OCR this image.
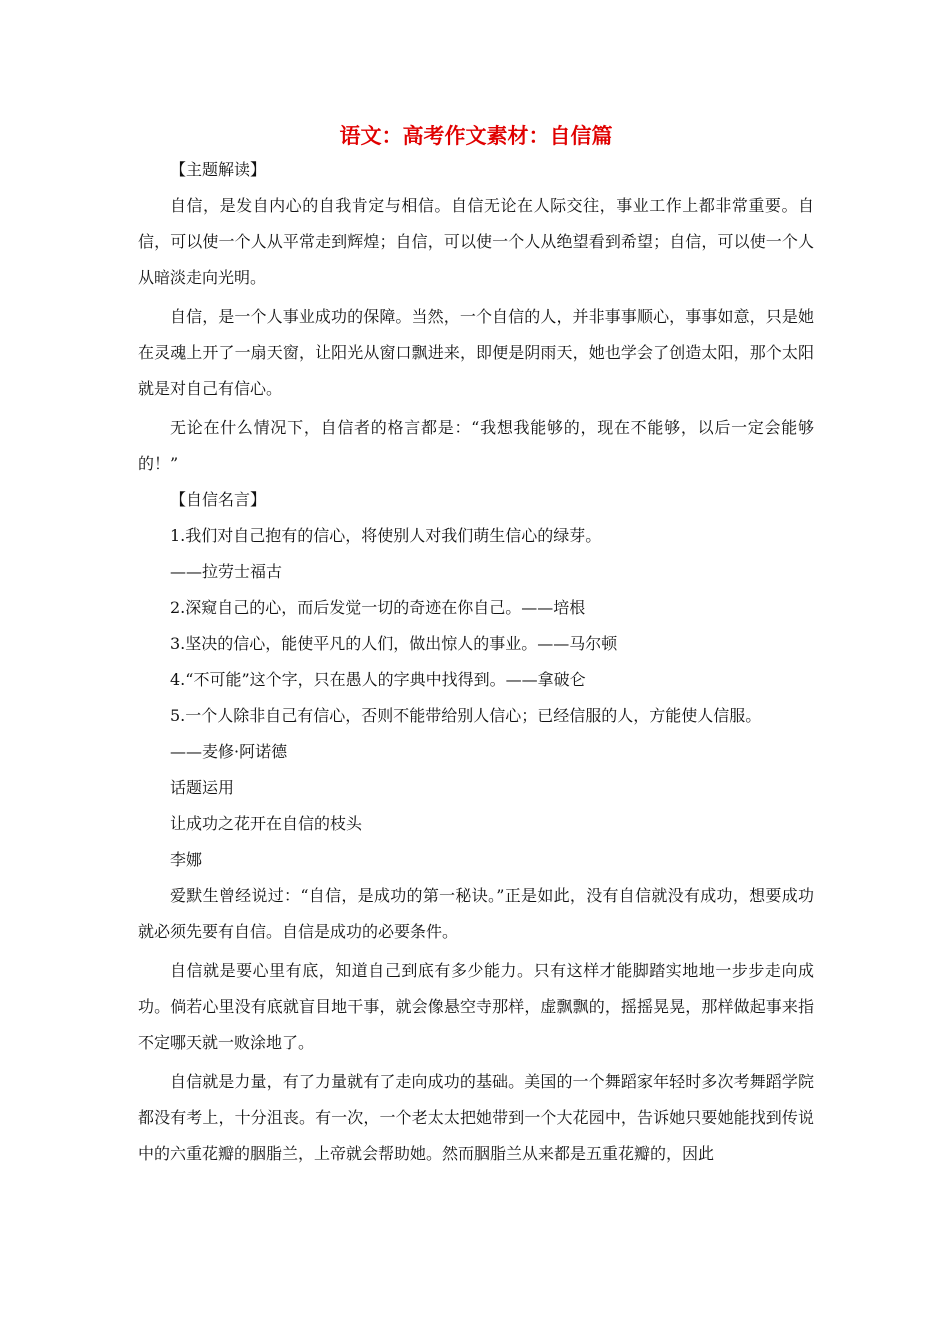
语文：高考作文素材：自信篇

【主题解读】

自信，是发自内心的自我肯定与相信。自信无论在人际交往，事业工作上都非常重要。自信，可以使一个人从平常走到辉煌；自信，可以使一个人从绝望看到希望；自信，可以使一个人从暗淡走向光明。

自信，是一个人事业成功的保障。当然，一个自信的人，并非事事顺心，事事如意，只是她在灵魂上开了一扇天窗，让阳光从窗口飘进来，即便是阴雨天，她也学会了创造太阳，那个太阳就是对自己有信心。

无论在什么情况下，自信者的格言都是：“我想我能够的，现在不能够，以后一定会能够的！”

【自信名言】

1.我们对自己抱有的信心，将使别人对我们萌生信心的绿芽。

——拉劳士福古

2.深窥自己的心，而后发觉一切的奇迹在你自己。——培根

3.坚决的信心，能使平凡的人们，做出惊人的事业。——马尔顿

4.“不可能”这个字，只在愚人的字典中找得到。——拿破仑

5.一个人除非自己有信心，否则不能带给别人信心；已经信服的人，方能使人信服。

——麦修·阿诺德

话题运用

让成功之花开在自信的枝头

李娜

爱默生曾经说过：“自信，是成功的第一秘诀。”正是如此，没有自信就没有成功，想要成功就必须先要有自信。自信是成功的必要条件。

自信就是要心里有底，知道自己到底有多少能力。只有这样才能脚踏实地地一步步走向成功。倘若心里没有底就盲目地干事，就会像悬空寺那样，虚飘飘的，摇摇晃晃，那样做起事来指不定哪天就一败涂地了。

自信就是力量，有了力量就有了走向成功的基础。美国的一个舞蹈家年轻时多次考舞蹈学院都没有考上，十分沮丧。有一次，一个老太太把她带到一个大花园中，告诉她只要她能找到传说中的六重花瓣的胭脂兰，上帝就会帮助她。然而胭脂兰从来都是五重花瓣的，因此
